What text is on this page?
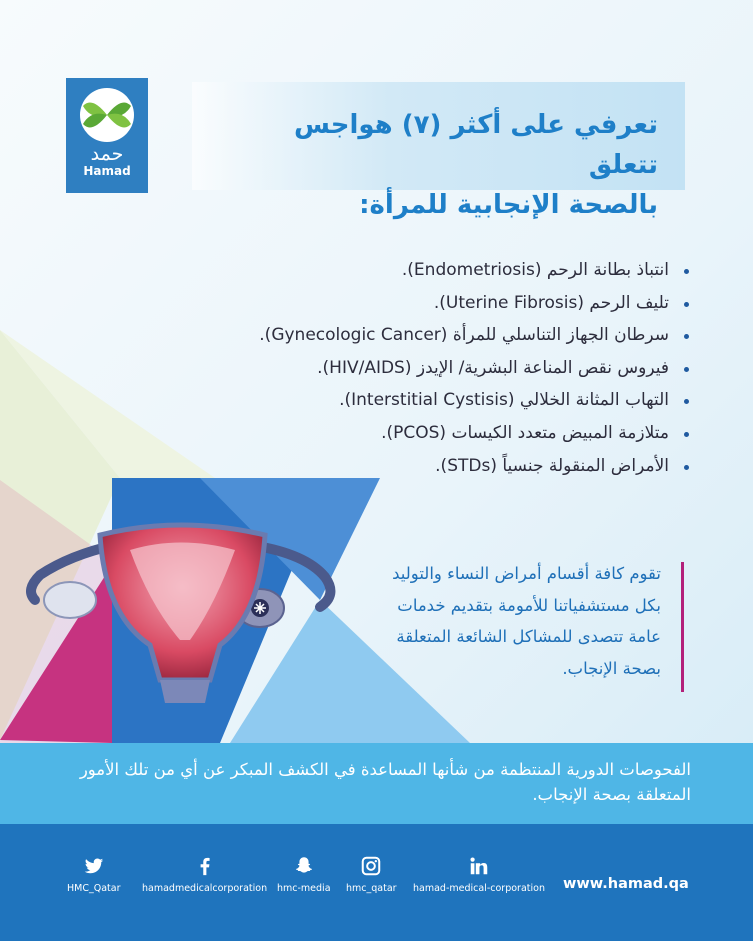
حمد
Hamad
تعرفي على أكثر (٧) هواجس تتعلق
بالصحة الإنجابية للمرأة:
انتباذ بطانة الرحم (Endometriosis).
تليف الرحم (Uterine Fibrosis).
سرطان الجهاز التناسلي للمرأة (Gynecologic Cancer).
فيروس نقص المناعة البشرية/ الإيدز (HIV/AIDS).
التهاب المثانة الخلالي (Interstitial Cystisis).
متلازمة المبيض متعدد الكيسات (PCOS).
الأمراض المنقولة جنسياً (STDs).
تقوم كافة أقسام أمراض النساء والتوليد بكل مستشفياتنا للأمومة بتقديم خدمات عامة تتصدى للمشاكل الشائعة المتعلقة بصحة الإنجاب.
الفحوصات الدورية المنتظمة من شأنها المساعدة في الكشف المبكر عن أي من تلك الأمور المتعلقة بصحة الإنجاب.
HMC_Qatar hamadmedicalcorporation hmc-media hmc_qatar hamad-medical-corporation www.hamad.qa
